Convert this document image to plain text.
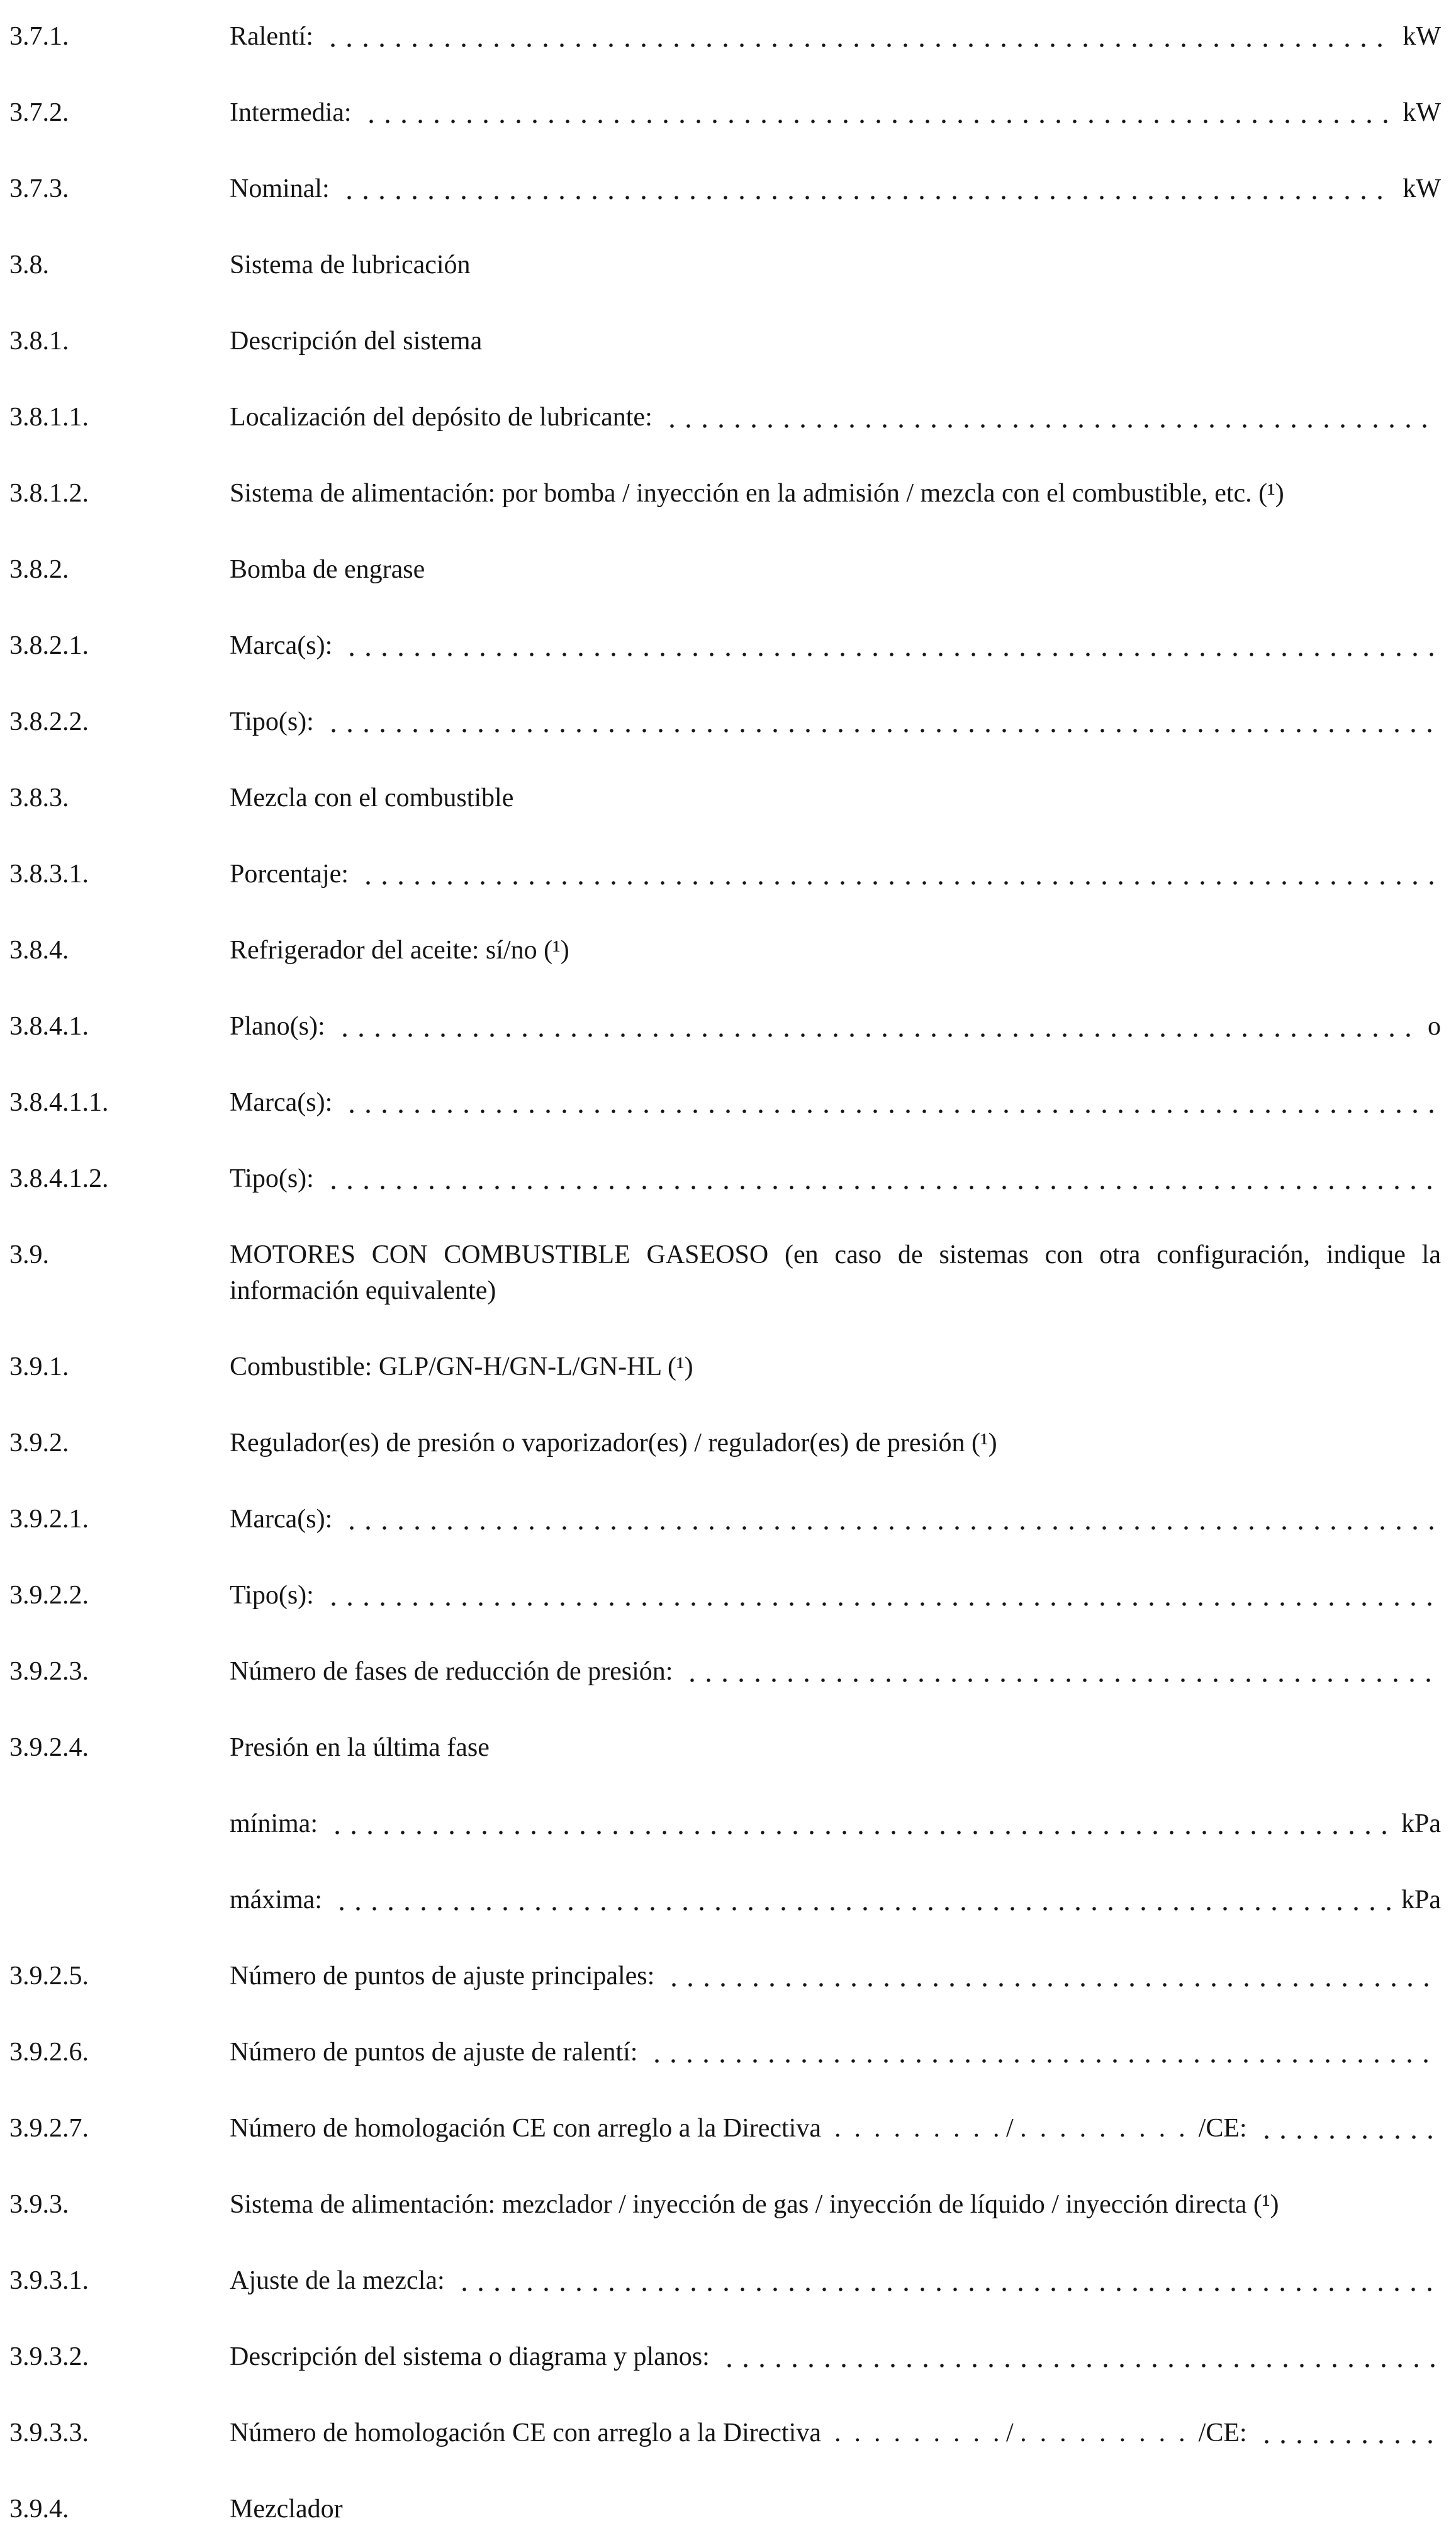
3.7.1.	Ralentí:	kW
3.7.2.	Intermedia:	kW
3.7.3.	Nominal:	kW
3.8.	Sistema de lubricación
3.8.1.	Descripción del sistema
3.8.1.1.	Localización del depósito de lubricante:
3.8.1.2.	Sistema de alimentación: por bomba / inyección en la admisión / mezcla con el combustible, etc. (¹)
3.8.2.	Bomba de engrase
3.8.2.1.	Marca(s):
3.8.2.2.	Tipo(s):
3.8.3.	Mezcla con el combustible
3.8.3.1.	Porcentaje:
3.8.4.	Refrigerador del aceite: sí/no (¹)
3.8.4.1.	Plano(s):	o
3.8.4.1.1.	Marca(s):
3.8.4.1.2.	Tipo(s):
3.9.	MOTORES CON COMBUSTIBLE GASEOSO (en caso de sistemas con otra configuración, indique la información equivalente)
3.9.1.	Combustible: GLP/GN-H/GN-L/GN-HL (¹)
3.9.2.	Regulador(es) de presión o vaporizador(es) / regulador(es) de presión (¹)
3.9.2.1.	Marca(s):
3.9.2.2.	Tipo(s):
3.9.2.3.	Número de fases de reducción de presión:
3.9.2.4.	Presión en la última fase
mínima:	kPa
máxima:	kPa
3.9.2.5.	Número de puntos de ajuste principales:
3.9.2.6.	Número de puntos de ajuste de ralentí:
3.9.2.7.	Número de homologación CE con arreglo a la Directiva  .  .  .  .  .  .  .  .  . / .  .  .  .  .  .  .  .  .  /CE:
3.9.3.	Sistema de alimentación: mezclador / inyección de gas / inyección de líquido / inyección directa (¹)
3.9.3.1.	Ajuste de la mezcla:
3.9.3.2.	Descripción del sistema o diagrama y planos:
3.9.3.3.	Número de homologación CE con arreglo a la Directiva  .  .  .  .  .  .  .  .  . / .  .  .  .  .  .  .  .  .  /CE:
3.9.4.	Mezclador
